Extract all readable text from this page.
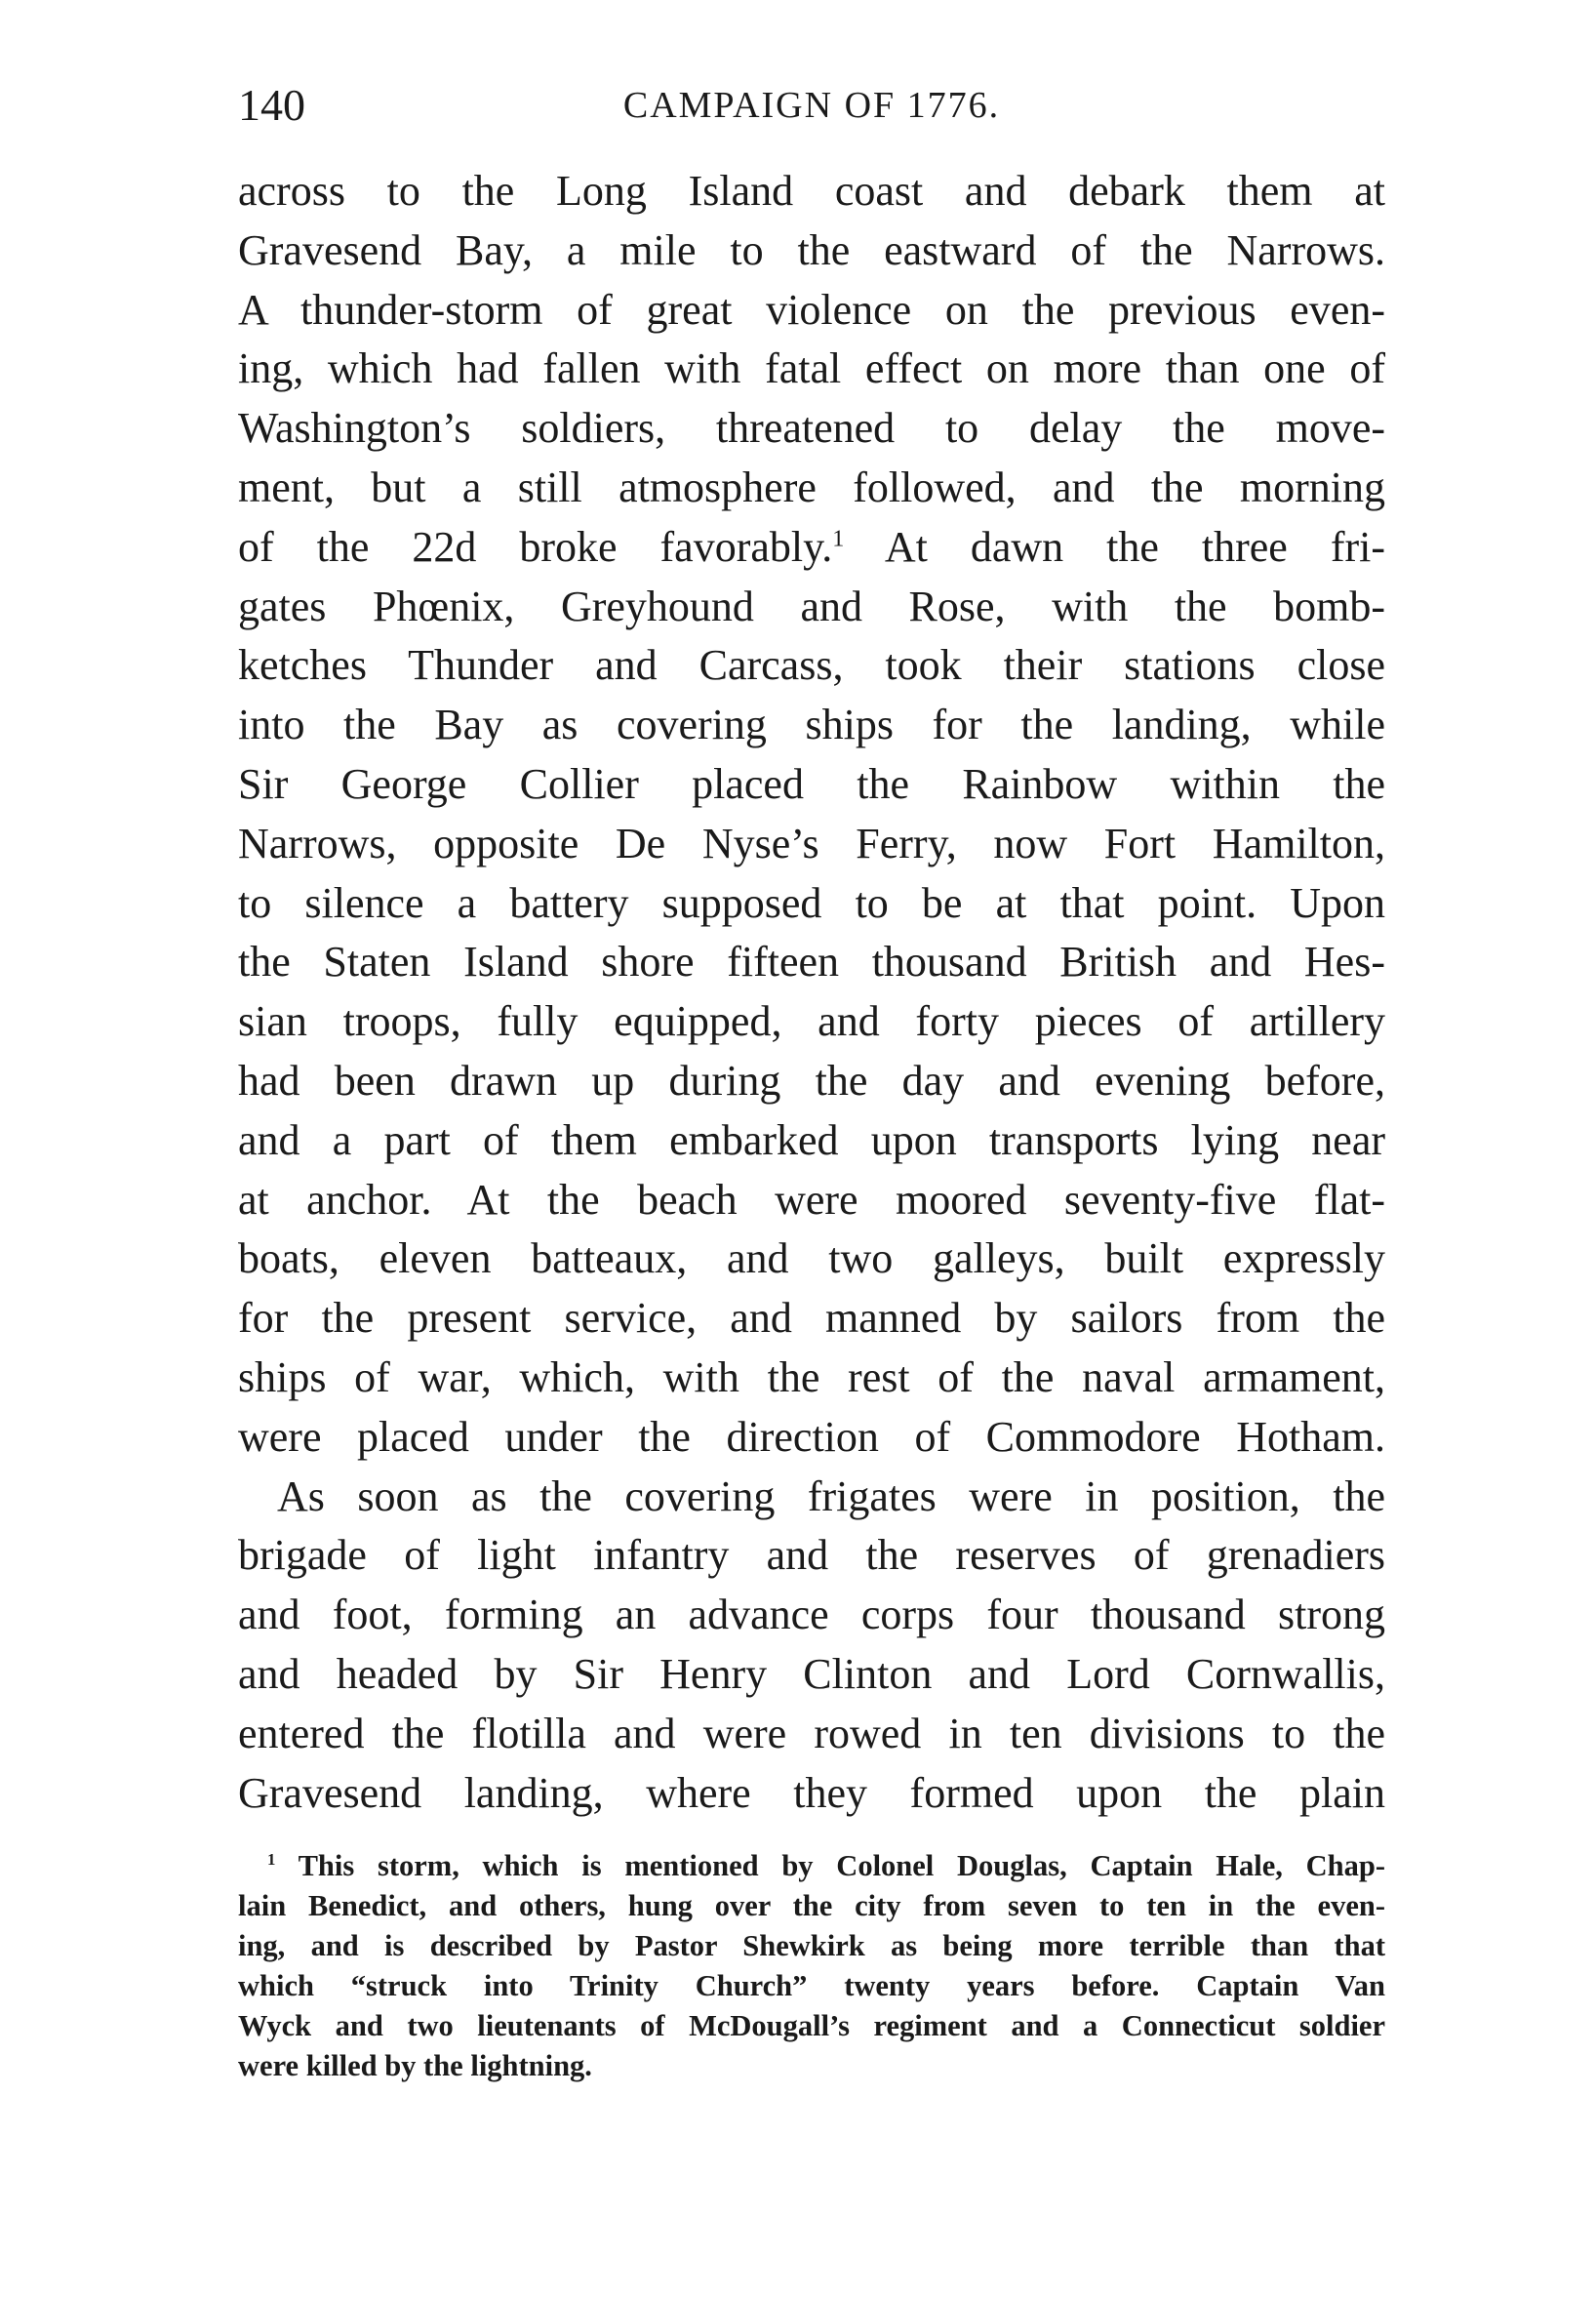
140	CAMPAIGN OF 1776.

across to the Long Island coast and debark them at
Gravesend Bay, a mile to the eastward of the Narrows.
A thunder-storm of great violence on the previous even-
ing, which had fallen with fatal effect on more than one of
Washington’s soldiers, threatened to delay the move-
ment, but a still atmosphere followed, and the morning
of the 22d broke favorably.$^1$ At dawn the three fri-
gates Phœnix, Greyhound and Rose, with the bomb-
ketches Thunder and Carcass, took their stations close
into the Bay as covering ships for the landing, while
Sir George Collier placed the Rainbow within the
Narrows, opposite De Nyse’s Ferry, now Fort Hamilton,
to silence a battery supposed to be at that point. Upon
the Staten Island shore fifteen thousand British and Hes-
sian troops, fully equipped, and forty pieces of artillery
had been drawn up during the day and evening before,
and a part of them embarked upon transports lying near
at anchor. At the beach were moored seventy-five flat-
boats, eleven batteaux, and two galleys, built expressly
for the present service, and manned by sailors from the
ships of war, which, with the rest of the naval armament,
were placed under the direction of Commodore Hotham.

As soon as the covering frigates were in position, the
brigade of light infantry and the reserves of grenadiers
and foot, forming an advance corps four thousand strong
and headed by Sir Henry Clinton and Lord Cornwallis,
entered the flotilla and were rowed in ten divisions to the
Gravesend landing, where they formed upon the plain

$^1$ This storm, which is mentioned by Colonel Douglas, Captain Hale, Chap-
lain Benedict, and others, hung over the city from seven to ten in the even-
ing, and is described by Pastor Shewkirk as being more terrible than that
which “struck into Trinity Church” twenty years before. Captain Van
Wyck and two lieutenants of McDougall’s regiment and a Connecticut soldier
were killed by the lightning.
